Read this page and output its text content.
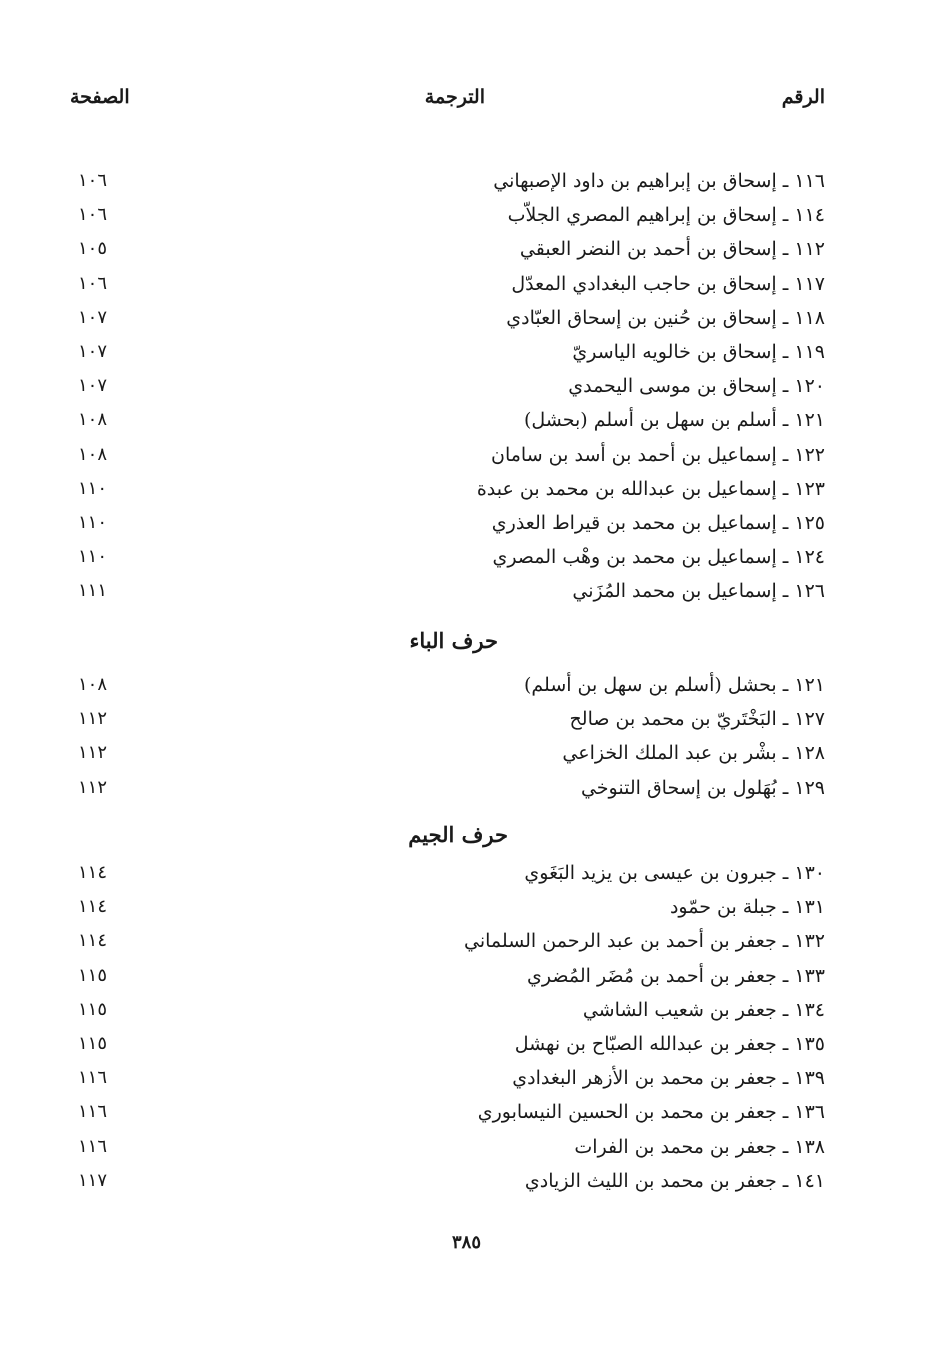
الرقم
الترجمة
الصفحة
١١٦ ـ إسحاق بن إبراهيم بن داود الإصبهاني
١٠٦
١١٤ ـ إسحاق بن إبراهيم المصري الجلاّب
١٠٦
١١٢ ـ إسحاق بن أحمد بن النضر العبقي
١٠٥
١١٧ ـ إسحاق بن حاجب البغدادي المعدّل
١٠٦
١١٨ ـ إسحاق بن حُنين بن إسحاق العبّادي
١٠٧
١١٩ ـ إسحاق بن خالويه الياسريّ
١٠٧
١٢٠ ـ إسحاق بن موسى اليحمدي
١٠٧
١٢١ ـ أسلم بن سهل بن أسلم (بحشل)
١٠٨
١٢٢ ـ إسماعيل بن أحمد بن أسد بن سامان
١٠٨
١٢٣ ـ إسماعيل بن عبدالله بن محمد بن عبدة
١١٠
١٢٥ ـ إسماعيل بن محمد بن قيراط العذري
١١٠
١٢٤ ـ إسماعيل بن محمد بن وهْب المصري
١١٠
١٢٦ ـ إسماعيل بن محمد المُزَني
١١١
حرف الباء
١٢١ ـ بحشل (أسلم بن سهل بن أسلم)
١٠٨
١٢٧ ـ البَخْتَريّ بن محمد بن صالح
١١٢
١٢٨ ـ بشْر بن عبد الملك الخزاعي
١١٢
١٢٩ ـ بُهَلول بن إسحاق التنوخي
١١٢
حرف الجيم
١٣٠ ـ جبرون بن عيسى بن يزيد البَغَوي
١١٤
١٣١ ـ جبلة بن حمّود
١١٤
١٣٢ ـ جعفر بن أحمد بن عبد الرحمن السلماني
١١٤
١٣٣ ـ جعفر بن أحمد بن مُضَر المُضري
١١٥
١٣٤ ـ جعفر بن شعيب الشاشي
١١٥
١٣٥ ـ جعفر بن عبدالله الصبّاح بن نهشل
١١٥
١٣٩ ـ جعفر بن محمد بن الأزهر البغدادي
١١٦
١٣٦ ـ جعفر بن محمد بن الحسين النيسابوري
١١٦
١٣٨ ـ جعفر بن محمد بن الفرات
١١٦
١٤١ ـ جعفر بن محمد بن الليث الزيادي
١١٧
٣٨٥
